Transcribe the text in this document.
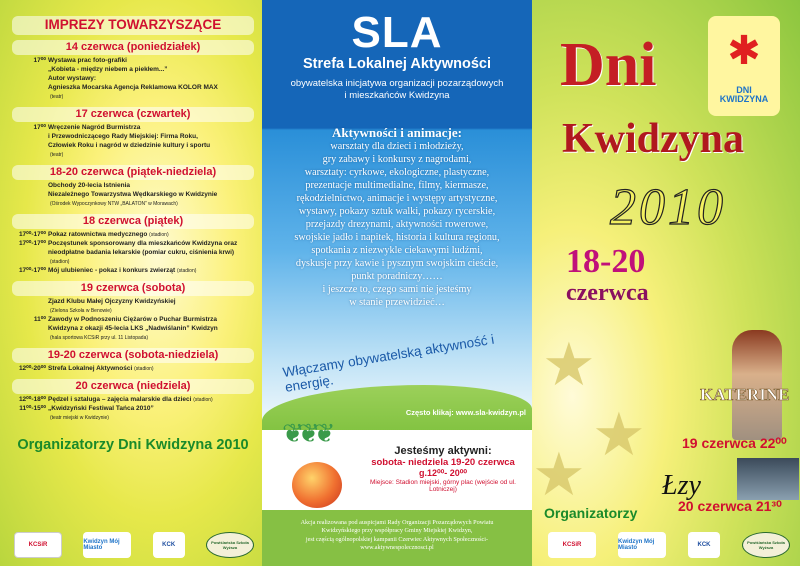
IMPREZY TOWARZYSZĄCE
14 czerwca (poniedziałek)
17⁰⁰ Wystawa prac foto-grafiki
„Kobieta - między niebem a piekłem...”
Autor wystawy:
Agnieszka Mocarska Agencja Reklamowa KOLOR MAX
(teatr)
17 czerwca (czwartek)
17⁰⁰ Wręczenie Nagród Burmistrza
i Przewodniczącego Rady Miejskiej: Firma Roku,
Człowiek Roku i nagród w dziedzinie kultury i sportu
(teatr)
18-20 czerwca (piątek-niedziela)
Obchody 20-lecia Istnienia
Niezależnego Towarzystwa Wędkarskiego w Kwidzynie
(Ośrodek Wypoczynkowy NTW „BALATON” w Morawach)
18 czerwca (piątek)
17⁰⁰-17⁰⁰ Pokaz ratownictwa medycznego (stadion)
17⁰⁰-17⁰⁰ Poczęstunek sponsorowany dla mieszkańców Kwidzyna oraz
nieodpłatne badania lekarskie (pomiar cukru, ciśnienia krwi)
(stadion)
17⁰⁰-17⁰⁰ Mój ulubieniec - pokaz i konkurs zwierząt (stadion)
19 czerwca (sobota)
Zjazd Klubu Małej Ojczyzny Kwidzyńskiej
(Zielona Szkoła w Benowie)
11⁰⁰ Zawody w Podnoszeniu Ciężarów o Puchar Burmistrza
Kwidzyna z okazji 45-lecia LKS „Nadwiślanin” Kwidzyn
(hala sportowa KCSiR przy ul. 11 Listopada)
19-20 czerwca (sobota-niedziela)
12⁰⁰-20⁰⁰ Strefa Lokalnej Aktywności (stadion)
20 czerwca (niedziela)
12⁰⁰-18⁰⁰ Pędzel i sztaluga – zajęcia malarskie dla dzieci (stadion)
11⁰⁰-15⁰⁰ „Kwidzyński Festiwal Tańca 2010”
(teatr miejski w Kwidzynie)
Organizatorzy Dni Kwidzyna 2010
KCSiR	Kwidzyn Mój Miasto	KCK	Powiślańska Szkoła Wyższa
SLA
Strefa Lokalnej Aktywności
obywatelska inicjatywa organizacji pozarządowych
i mieszkańców Kwidzyna
Aktywności i animacje:
warsztaty dla dzieci i młodzieży,
gry zabawy i konkursy z nagrodami,
warsztaty: cyrkowe, ekologiczne, plastyczne,
prezentacje multimedialne, filmy, kiermasze,
rękodzielnictwo, animacje i występy artystyczne,
wystawy, pokazy sztuk walki, pokazy rycerskie,
przejazdy drezynami, aktywności rowerowe,
swojskie jadło i napitek, historia i kultura regionu,
spotkania z niezwykle ciekawymi ludźmi,
dyskusje przy kawie i pysznym swojskim cieście,
punkt poradniczy……
i jeszcze to, czego sami nie jesteśmy
w stanie przewidzieć…
Włączamy obywatelską aktywność i energię.
Często klikaj: www.sla-kwidzyn.pl
❦❦❦
Jesteśmy aktywni:
sobota- niedziela 19-20 czerwca
g.12⁰⁰- 20⁰⁰
Miejsce: Stadion miejski, górny plac (wejście od ul. Lotniczej)
Akcja realizowana pod auspicjami Rady Organizacji Pozarządowych Powiatu
Kwidzyńskiego przy współpracy Gminy Miejskiej Kwidzyn,
jest częścią ogólnopolskiej kampanii Czerwiec Aktywnych Społeczności-
www.aktywnespolecznosci.pl
★
★
★
Dni
Kwidzyna
2010
18-20
czerwca
✱
DNI
KWIDZYNA
KATERINE
19 czerwca 22⁰⁰
Łzy
20 czerwca 21³⁰
Organizatorzy
KCSiR	Kwidzyn Mój Miasto	KCK	Powiślańska Szkoła Wyższa
